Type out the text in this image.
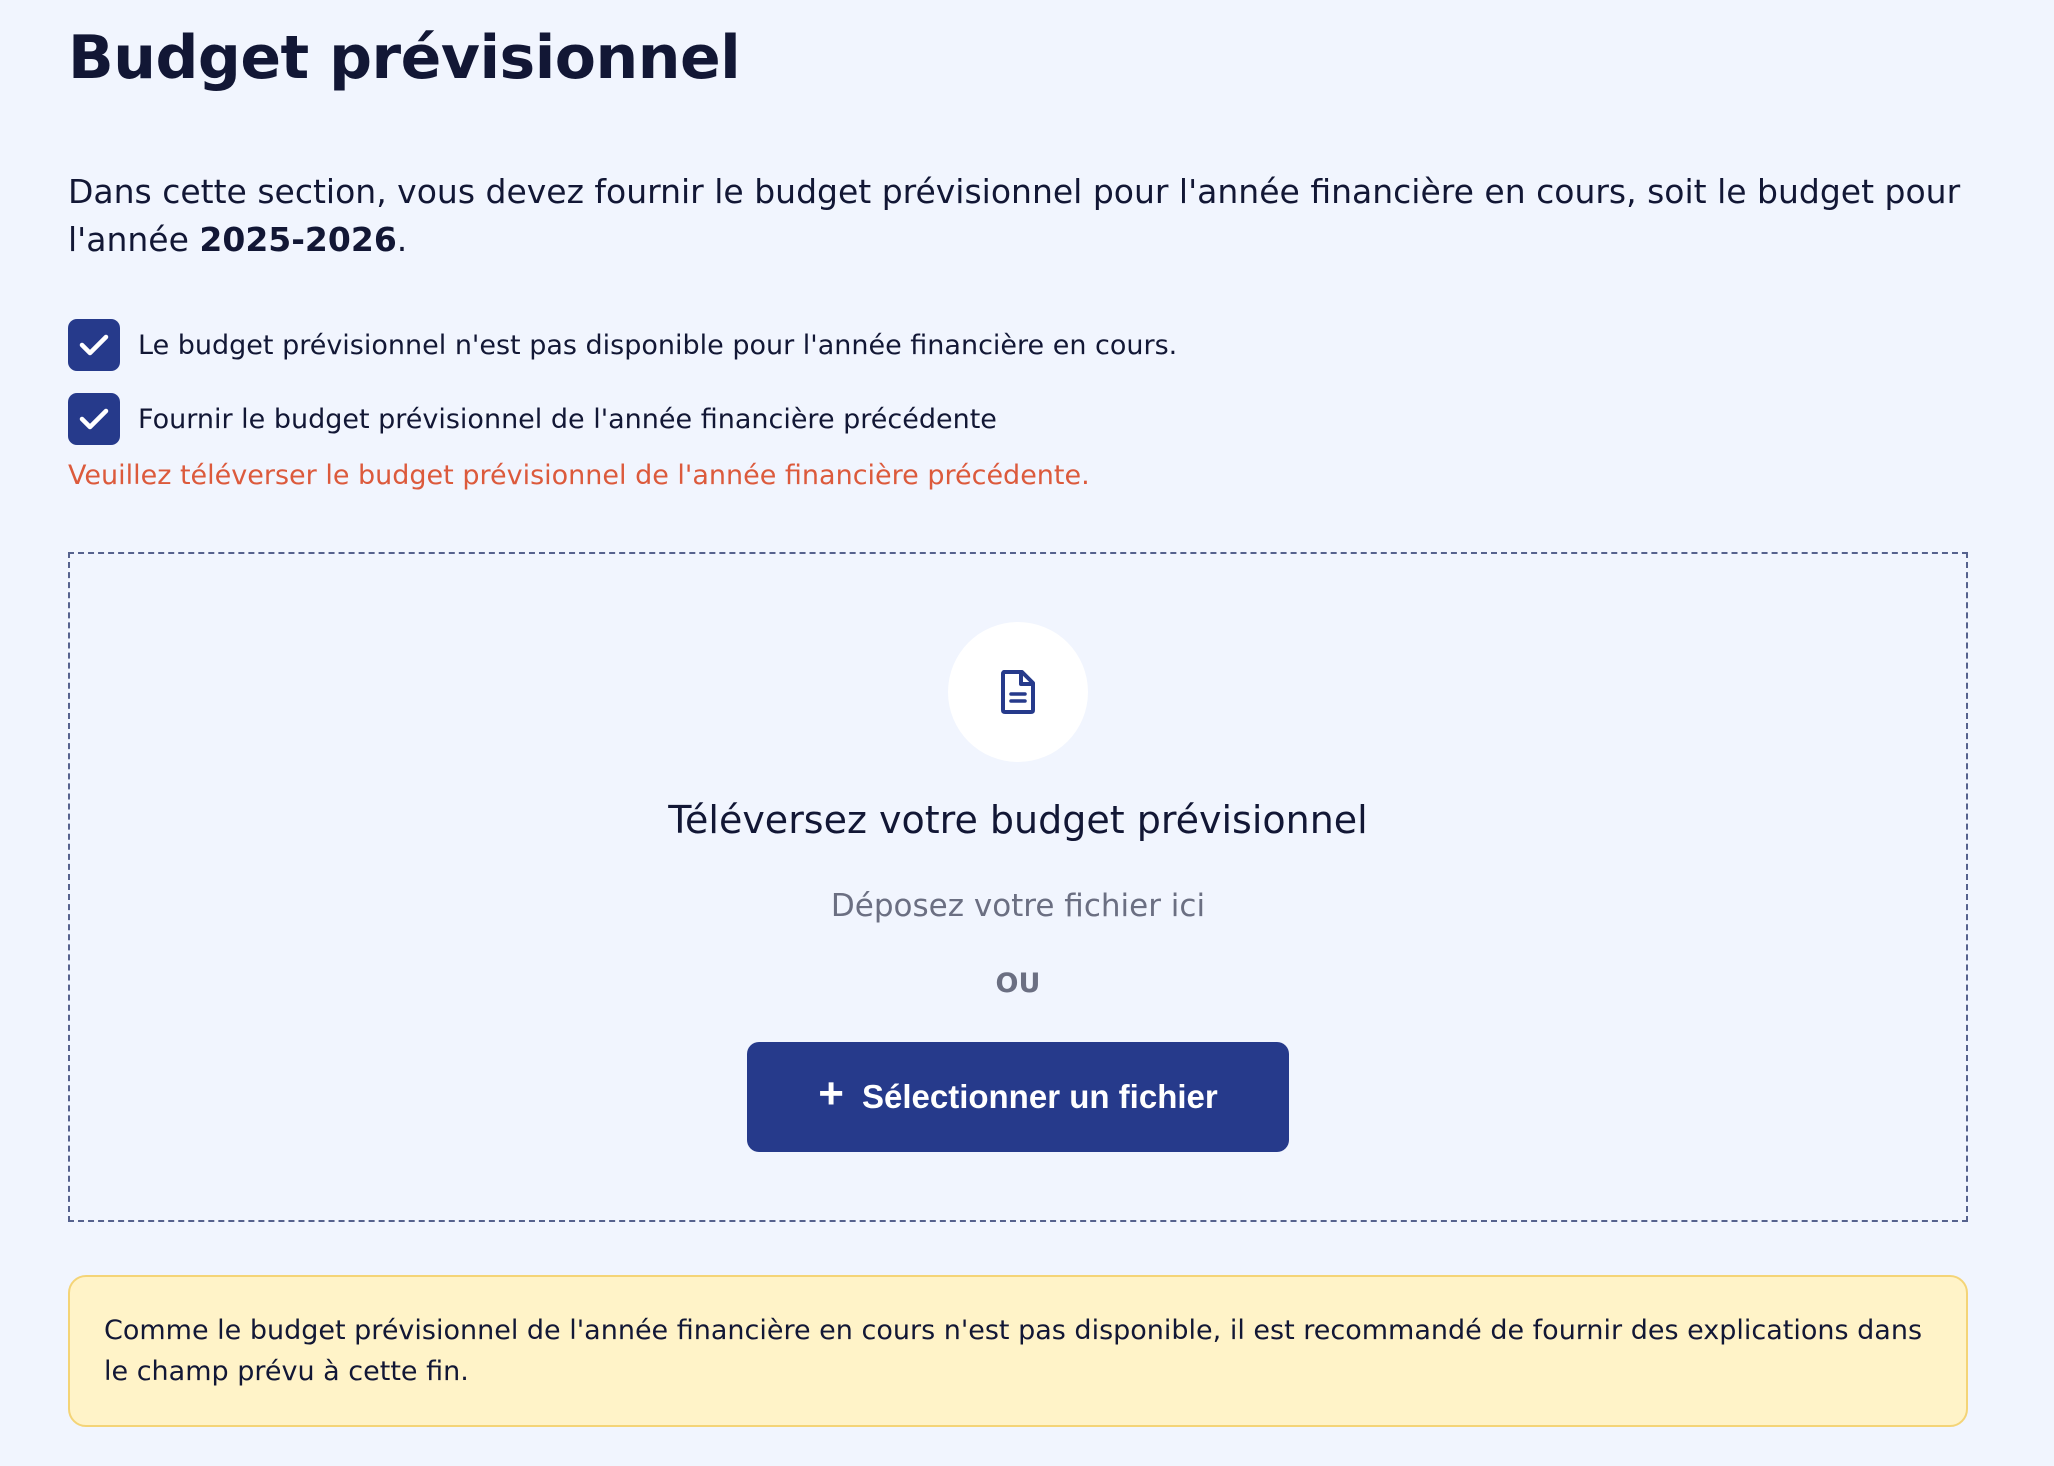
Budget prévisionnel

Dans cette section, vous devez fournir le budget prévisionnel pour l'année financière en cours, soit le budget pour l'année 2025-2026.

Le budget prévisionnel n'est pas disponible pour l'année financière en cours.
Fournir le budget prévisionnel de l'année financière précédente
Veuillez téléverser le budget prévisionnel de l'année financière précédente.
Téléversez votre budget prévisionnel
Déposez votre fichier ici
OU
+ Sélectionner un fichier

Comme le budget prévisionnel de l'année financière en cours n'est pas disponible, il est recommandé de fournir des explications dans le champ prévu à cette fin.
